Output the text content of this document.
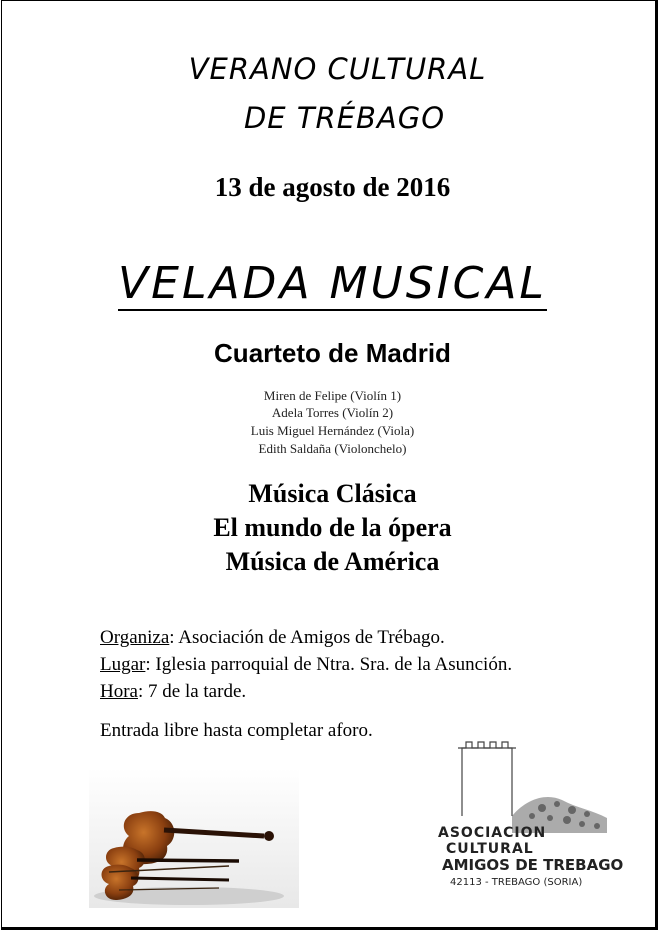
VERANO CULTURAL
DE TRÉBAGO
13 de agosto de 2016
VELADA MUSICAL
Cuarteto de Madrid
Miren de Felipe (Violín 1)
Adela Torres (Violín 2)
Luis Miguel Hernández (Viola)
Edith Saldaña (Violonchelo)
Música Clásica
El mundo de la ópera
Música de América
Organiza: Asociación de Amigos de Trébago.
Lugar: Iglesia parroquial de Ntra. Sra. de la Asunción.
Hora: 7 de la tarde.
Entrada libre hasta completar aforo.
ASOCIACION
CULTURAL
AMIGOS DE TREBAGO
42113 - TREBAGO (SORIA)
